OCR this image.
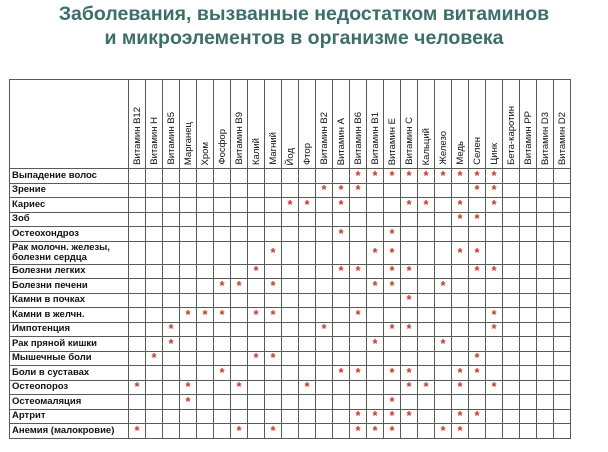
Заболевания, вызванные недостатком витаминов
и микроэлементов в организме человека

	Витамин B12	Витамин H	Витамин B5	Марганец	Хром	Фосфор	Витамин B9	Калий	Магний	Йод	Фтор	Витамин B2	Витамин A	Витамин B6	Витамин B1	Витамин E	Витамин C	Кальций	Железо	Медь	Селен	Цинк	Бета-каротин	Витамин PP	Витамин D3	Витамин D2

Выпадение волос														*	*	*	*	*	*	*	*	*				

Зрение												*	*	*							*	*				

Кариес										*	*		*				*	*		*		*				

Зоб																				*	*					

Остеохондроз													*			*										

Рак молочн. железы,
болезни сердца									*						*	*				*	*					

Болезни легких								*					*	*		*	*				*	*				

Болезни печени						*	*		*						*	*			*							

Камни в почках																	*									

Камни в желчн.				*	*	*		*	*					*								*				

Импотенция			*									*				*	*					*				

Рак пряной кишки			*												*				*							

Мышечные боли		*						*	*												*					

Боли в суставах						*							*	*		*	*			*	*					

Остеопороз	*			*			*				*						*	*		*		*				

Остеомаляция				*												*										

Артрит														*	*	*	*			*	*					

Анемия (малокровие)	*						*		*					*	*	*			*	*						
